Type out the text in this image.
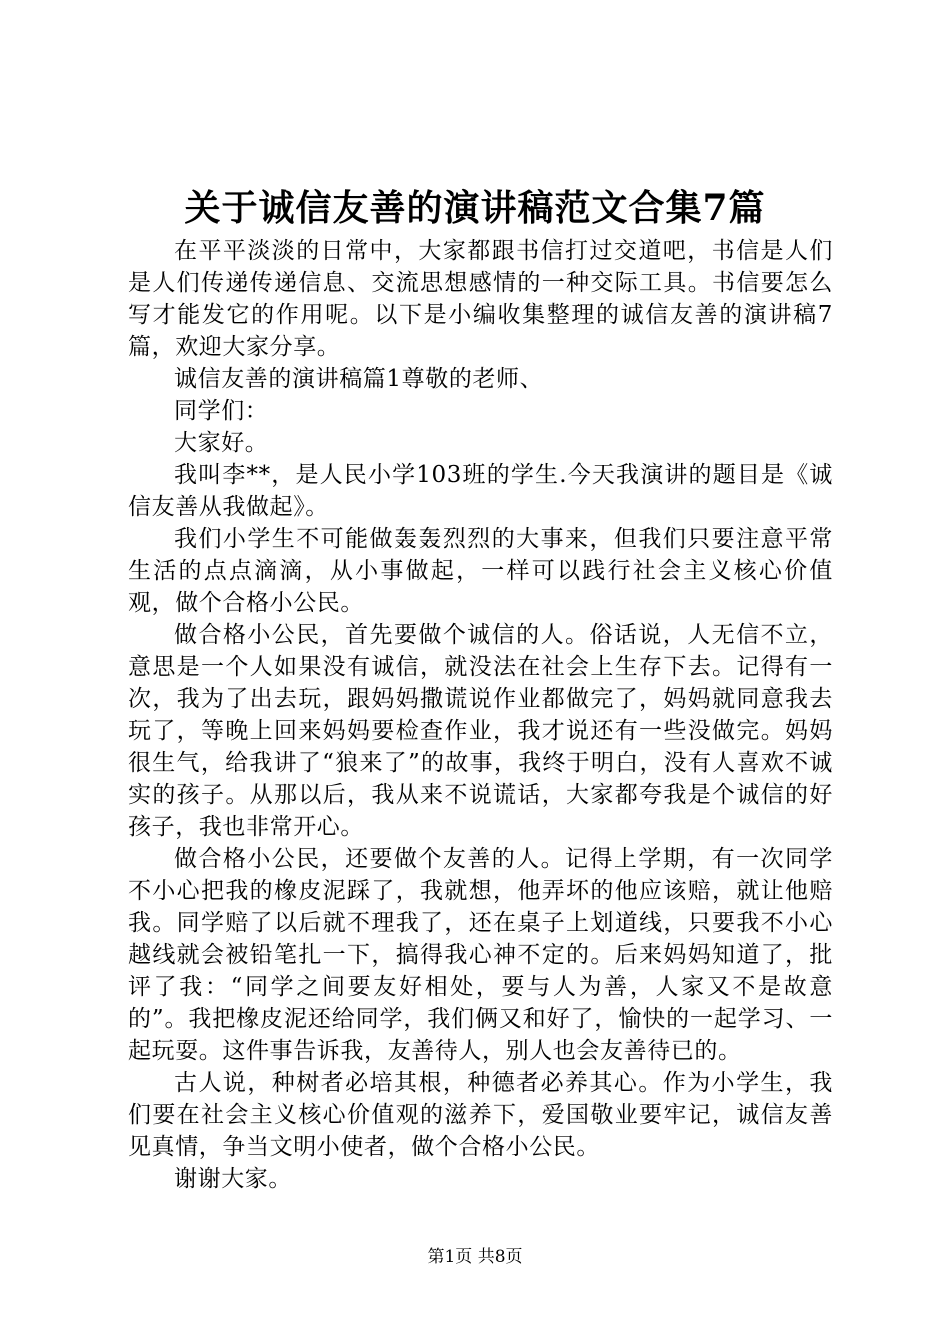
关于诚信友善的演讲稿范文合集7篇

在平平淡淡的日常中，大家都跟书信打过交道吧，书信是人们是人们传递传递信息、交流思想感情的一种交际工具。书信要怎么写才能发它的作用呢。以下是小编收集整理的诚信友善的演讲稿7篇，欢迎大家分享。

诚信友善的演讲稿篇1尊敬的老师、

同学们：

大家好。

我叫李**，是人民小学103班的学生.今天我演讲的题目是《诚信友善从我做起》。

我们小学生不可能做轰轰烈烈的大事来，但我们只要注意平常生活的点点滴滴，从小事做起，一样可以践行社会主义核心价值观，做个合格小公民。

做合格小公民，首先要做个诚信的人。俗话说，人无信不立，意思是一个人如果没有诚信，就没法在社会上生存下去。记得有一次，我为了出去玩，跟妈妈撒谎说作业都做完了，妈妈就同意我去玩了，等晚上回来妈妈要检查作业，我才说还有一些没做完。妈妈很生气，给我讲了“狼来了”的故事，我终于明白，没有人喜欢不诚实的孩子。从那以后，我从来不说谎话，大家都夸我是个诚信的好孩子，我也非常开心。

做合格小公民，还要做个友善的人。记得上学期，有一次同学不小心把我的橡皮泥踩了，我就想，他弄坏的他应该赔，就让他赔我。同学赔了以后就不理我了，还在桌子上划道线，只要我不小心越线就会被铅笔扎一下，搞得我心神不定的。后来妈妈知道了，批评了我：“同学之间要友好相处，要与人为善，人家又不是故意的”。我把橡皮泥还给同学，我们俩又和好了，愉快的一起学习、一起玩耍。这件事告诉我，友善待人，别人也会友善待已的。

古人说，种树者必培其根，种德者必养其心。作为小学生，我们要在社会主义核心价值观的滋养下，爱国敬业要牢记，诚信友善见真情，争当文明小使者，做个合格小公民。

谢谢大家。

第1页 共8页
